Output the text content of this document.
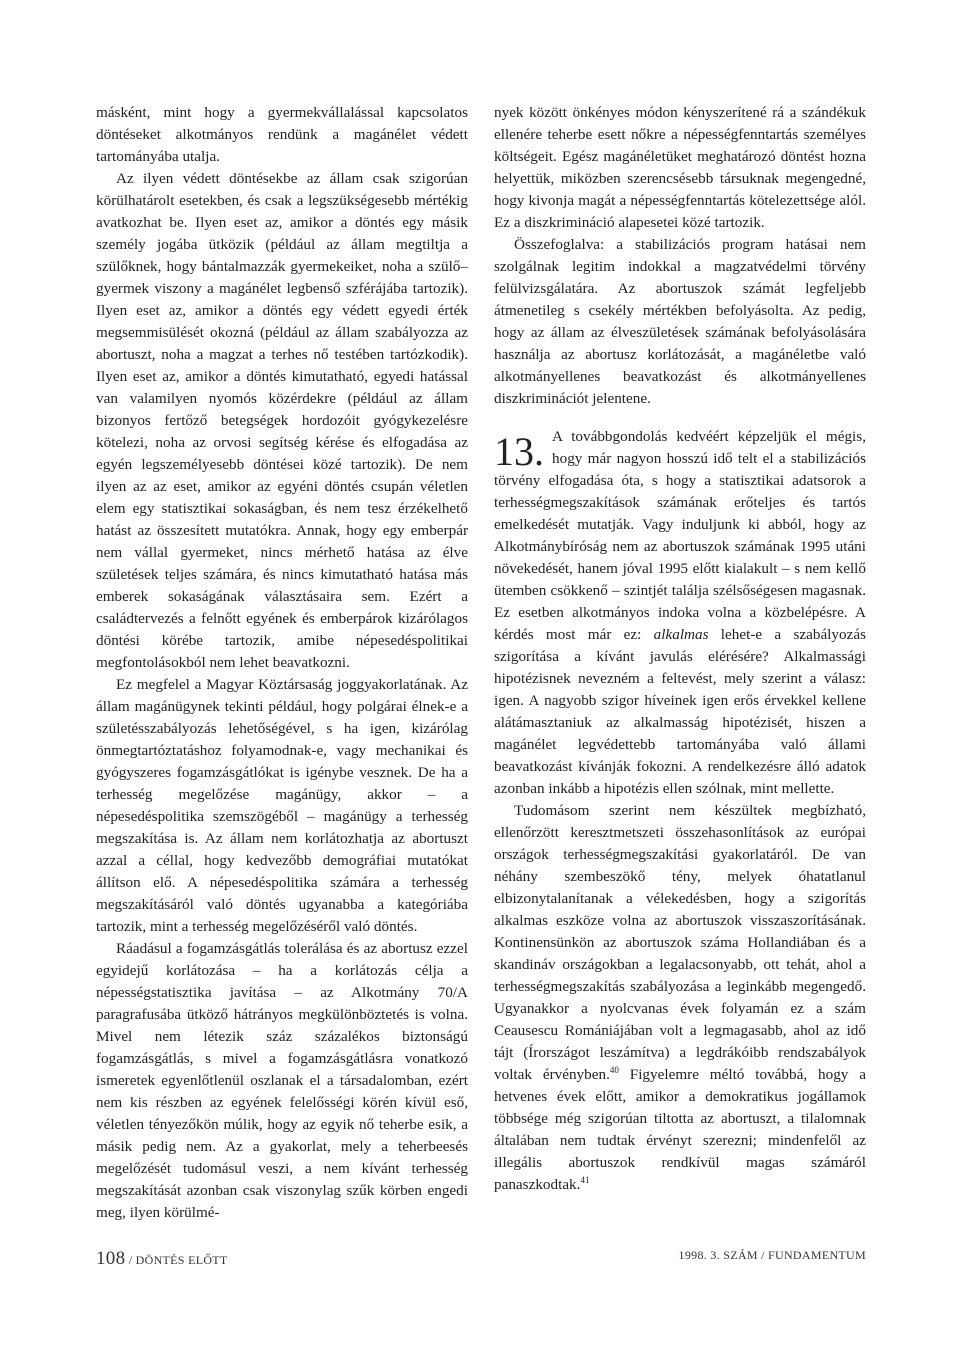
másként, mint hogy a gyermekvállalással kapcsolatos döntéseket alkotmányos rendünk a magánélet védett tartományába utalja.

Az ilyen védett döntésekbe az állam csak szigorúan körülhatárolt esetekben, és csak a legszükségesebb mértékig avatkozhat be. Ilyen eset az, amikor a döntés egy másik személy jogába ütközik (például az állam megtiltja a szülőknek, hogy bántalmazzák gyermekeiket, noha a szülő–gyermek viszony a magánélet legbenső szférájába tartozik). Ilyen eset az, amikor a döntés egy védett egyedi érték megsemmisülését okozná (például az állam szabályozza az abortuszt, noha a magzat a terhes nő testében tartózkodik). Ilyen eset az, amikor a döntés kimutatható, egyedi hatással van valamilyen nyomós közérdekre (például az állam bizonyos fertőző betegségek hordozóit gyógykezelésre kötelezi, noha az orvosi segítség kérése és elfogadása az egyén legszemélyesebb döntései közé tartozik). De nem ilyen az az eset, amikor az egyéni döntés csupán véletlen elem egy statisztikai sokaságban, és nem tesz érzékelhető hatást az összesített mutatókra. Annak, hogy egy emberpár nem vállal gyermeket, nincs mérhető hatása az élve születések teljes számára, és nincs kimutatható hatása más emberek sokaságának választásaira sem. Ezért a családtervezés a felnőtt egyének és emberpárok kizárólagos döntési körébe tartozik, amibe népesedéspolitikai megfontolásokból nem lehet beavatkozni.

Ez megfelel a Magyar Köztársaság joggyakorlatának. Az állam magánügynek tekinti például, hogy polgárai élnek-e a születésszabályozás lehetőségével, s ha igen, kizárólag önmegtartóztatáshoz folyamodnak-e, vagy mechanikai és gyógyszeres fogamzásgátlókat is igénybe vesznek. De ha a terhesség megelőzése magánügy, akkor – a népesedéspolitika szemszögéből – magánügy a terhesség megszakítása is. Az állam nem korlátozhatja az abortuszt azzal a céllal, hogy kedvezőbb demográfiai mutatókat állítson elő. A népesedéspolitika számára a terhesség megszakításáról való döntés ugyanabba a kategóriába tartozik, mint a terhesség megelőzéséről való döntés.

Ráadásul a fogamzásgátlás tolerálása és az abortusz ezzel egyidejű korlátozása – ha a korlátozás célja a népességstatisztika javítása – az Alkotmány 70/A paragrafusába ütköző hátrányos megkülönböztetés is volna. Mivel nem létezik száz százalékos biztonságú fogamzásgátlás, s mivel a fogamzásgátlásra vonatkozó ismeretek egyenlőtlenül oszlanak el a társadalomban, ezért nem kis részben az egyének felelősségi körén kívül eső, véletlen tényezőkön múlik, hogy az egyik nő teherbe esik, a másik pedig nem. Az a gyakorlat, mely a teherbeesés megelőzését tudomásul veszi, a nem kívánt terhesség megszakítását azonban csak viszonylag szűk körben engedi meg, ilyen körülmé-

nyek között önkényes módon kényszerítené rá a szándékuk ellenére teherbe esett nőkre a népességfenntartás személyes költségeit. Egész magánéletüket meghatározó döntést hozna helyettük, miközben szerencsésebb társuknak megengedné, hogy kivonja magát a népességfenntartás kötelezettsége alól. Ez a diszkrimináció alapesetei közé tartozik.

Összefoglalva: a stabilizációs program hatásai nem szolgálnak legitim indokkal a magzatvédelmi törvény felülvizsgálatára. Az abortuszok számát legfeljebb átmenetileg s csekély mértékben befolyásolta. Az pedig, hogy az állam az élveszületések számának befolyásolására használja az abortusz korlátozását, a magánéletbe való alkotmányellenes beavatkozást és alkotmányellenes diszkriminációt jelentene.

13. A továbbgondolás kedvéért képzeljük el mégis, hogy már nagyon hosszú idő telt el a stabilizációs törvény elfogadása óta, s hogy a statisztikai adatsorok a terhességmegszakítások számának erőteljes és tartós emelkedését mutatják. Vagy induljunk ki abból, hogy az Alkotmánybíróság nem az abortuszok számának 1995 utáni növekedését, hanem jóval 1995 előtt kialakult – s nem kellő ütemben csökkenő – szintjét találja szélsőségesen magasnak. Ez esetben alkotmányos indoka volna a közbelépésre. A kérdés most már ez: alkalmas lehet-e a szabályozás szigorítása a kívánt javulás elérésére? Alkalmassági hipotézisnek nevezném a feltevést, mely szerint a válasz: igen. A nagyobb szigor híveinek igen erős érvekkel kellene alátámasztaniuk az alkalmasság hipotézisét, hiszen a magánélet legvédettebb tartományába való állami beavatkozást kívánják fokozni. A rendelkezésre álló adatok azonban inkább a hipotézis ellen szólnak, mint mellette.

Tudomásom szerint nem készültek megbízható, ellenőrzött keresztmetszeti összehasonlítások az európai országok terhességmegszakítási gyakorlatáról. De van néhány szembeszökő tény, melyek óhatatlanul elbizonytalanítanak a vélekedésben, hogy a szigorítás alkalmas eszköze volna az abortuszok visszaszorításának. Kontinensünkön az abortuszok száma Hollandiában és a skandináv országokban a legalacsonyabb, ott tehát, ahol a terhességmegszakítás szabályozása a leginkább megengedő. Ugyanakkor a nyolcvanas évek folyamán ez a szám Ceausescu Romániájában volt a legmagasabb, ahol az idő tájt (Írországot leszámítva) a legdrákóibb rendszabályok voltak érvényben.$^{40}$ Figyelemre méltó továbbá, hogy a hetvenes évek előtt, amikor a demokratikus jogállamok többsége még szigorúan tiltotta az abortuszt, a tilalomnak általában nem tudtak érvényt szerezni; mindenfelől az illegális abortuszok rendkívül magas számáról panaszkodtak.$^{41}$

108 / DÖNTÉS ELŐTT	1998. 3. SZÁM / FUNDAMENTUM
